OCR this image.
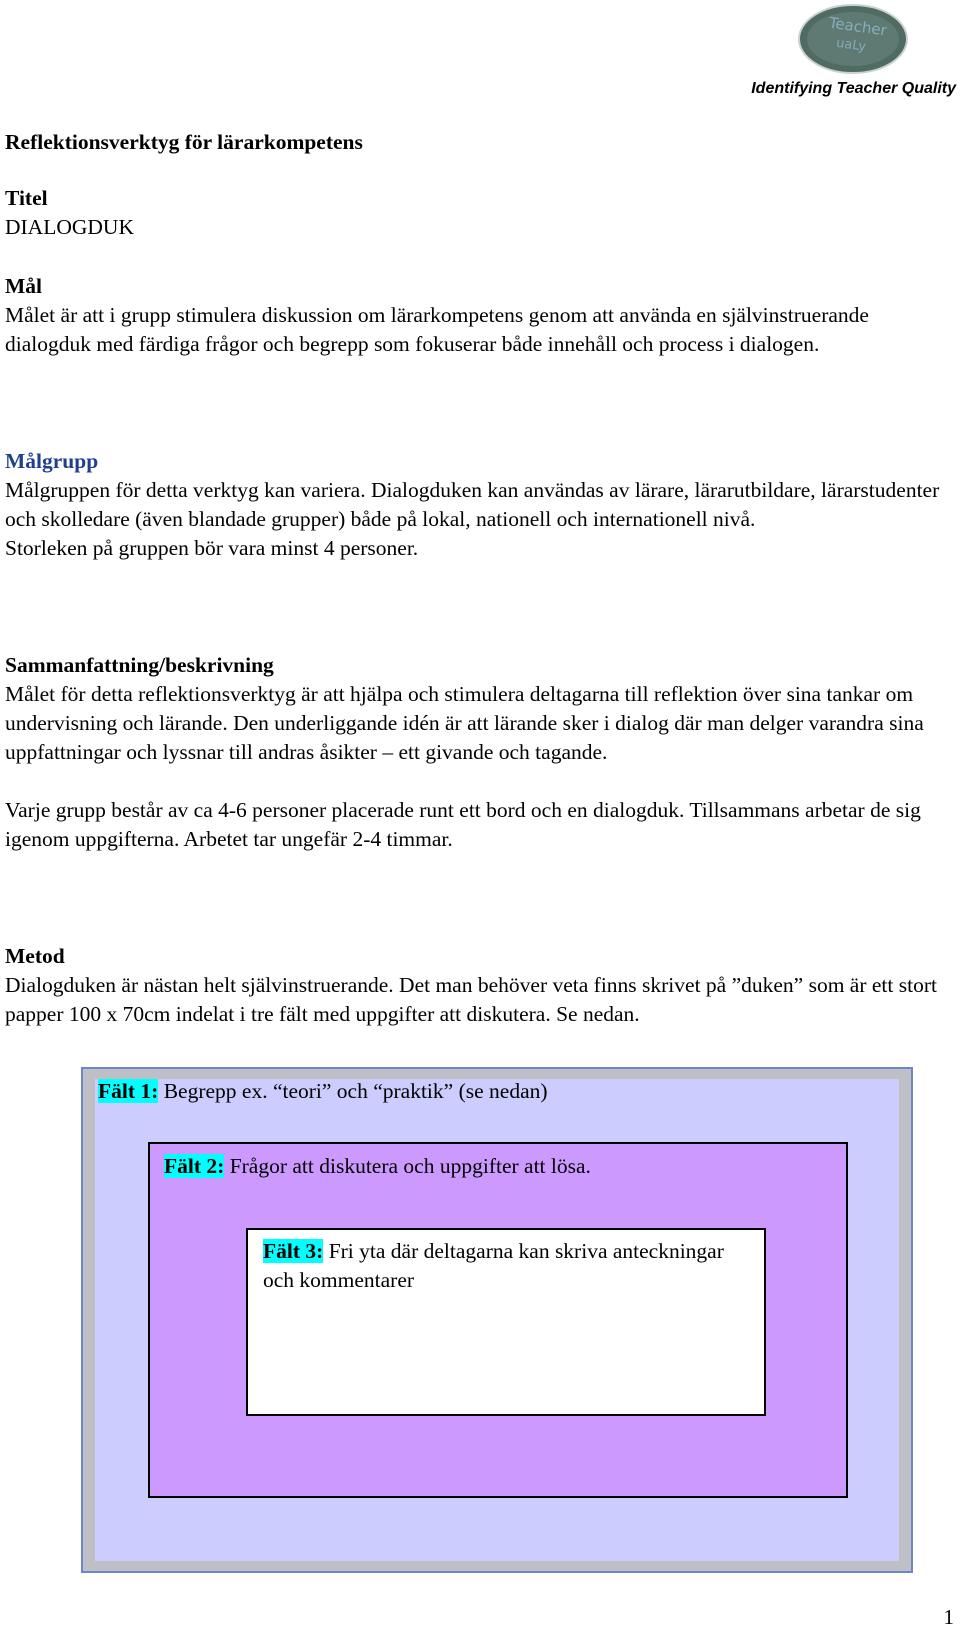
Teacher
uaLy
Identifying Teacher Quality
Reflektionsverktyg för lärarkompetens
Titel

DIALOGDUK

Mål

Målet är att i grupp stimulera diskussion om lärarkompetens genom att använda en självinstruerande dialogduk med färdiga frågor och begrepp som fokuserar både innehåll och process i dialogen.

Målgrupp

Målgruppen för detta verktyg kan variera. Dialogduken kan användas av lärare, lärarutbildare, lärarstudenter och skolledare (även blandade grupper) både på lokal, nationell och internationell nivå.

Storleken på gruppen bör vara minst 4 personer.

Sammanfattning/beskrivning

Målet för detta reflektionsverktyg är att hjälpa och stimulera deltagarna till reflektion över sina tankar om undervisning och lärande. Den underliggande idén är att lärande sker i dialog där man delger varandra sina uppfattningar och lyssnar till andras åsikter – ett givande och tagande.

Varje grupp består av ca 4-6 personer placerade runt ett bord och en dialogduk. Tillsammans arbetar de sig igenom uppgifterna. Arbetet tar ungefär 2-4 timmar.

Metod

Dialogduken är nästan helt självinstruerande. Det man behöver veta finns skrivet på ”duken” som är ett stort papper 100 x 70cm indelat i tre fält med uppgifter att diskutera. Se nedan.

Fält 1: Begrepp ex. “teori” och “praktik” (se nedan)
Fält 2: Frågor att diskutera och uppgifter att lösa.
Fält 3: Fri yta där deltagarna kan skriva anteckningar och kommentarer
1
